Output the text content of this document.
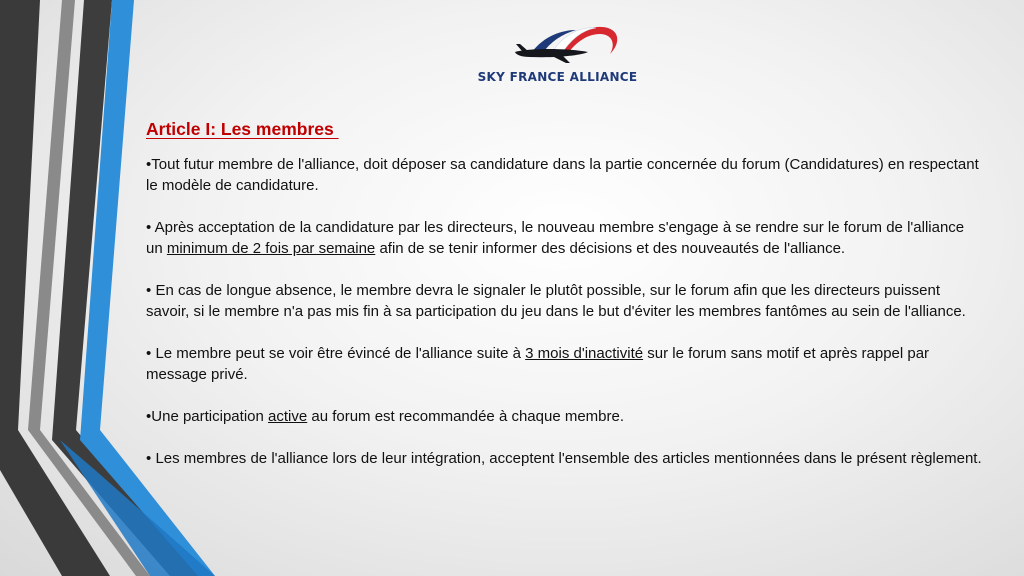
SKY FRANCE ALLIANCE
Article I: Les membres

•Tout futur membre de l'alliance, doit déposer sa candidature dans la partie concernée du forum (Candidatures) en respectant le modèle de candidature.

• Après acceptation de la candidature par les directeurs, le nouveau membre s'engage à se rendre sur le forum de l'alliance un minimum de 2 fois par semaine afin de se tenir informer des décisions et des nouveautés de l'alliance.

• En cas de longue absence, le membre devra le signaler le plutôt possible, sur le forum afin que les directeurs puissent savoir, si le membre n'a pas mis fin à sa participation du jeu dans le but d'éviter les membres fantômes au sein de l'alliance.

• Le membre peut se voir être évincé de l'alliance suite à 3 mois d'inactivité sur le forum sans motif et après rappel par message privé.

•Une participation active au forum est recommandée à chaque membre.

• Les membres de l'alliance lors de leur intégration, acceptent l'ensemble des articles mentionnées dans le présent règlement.
